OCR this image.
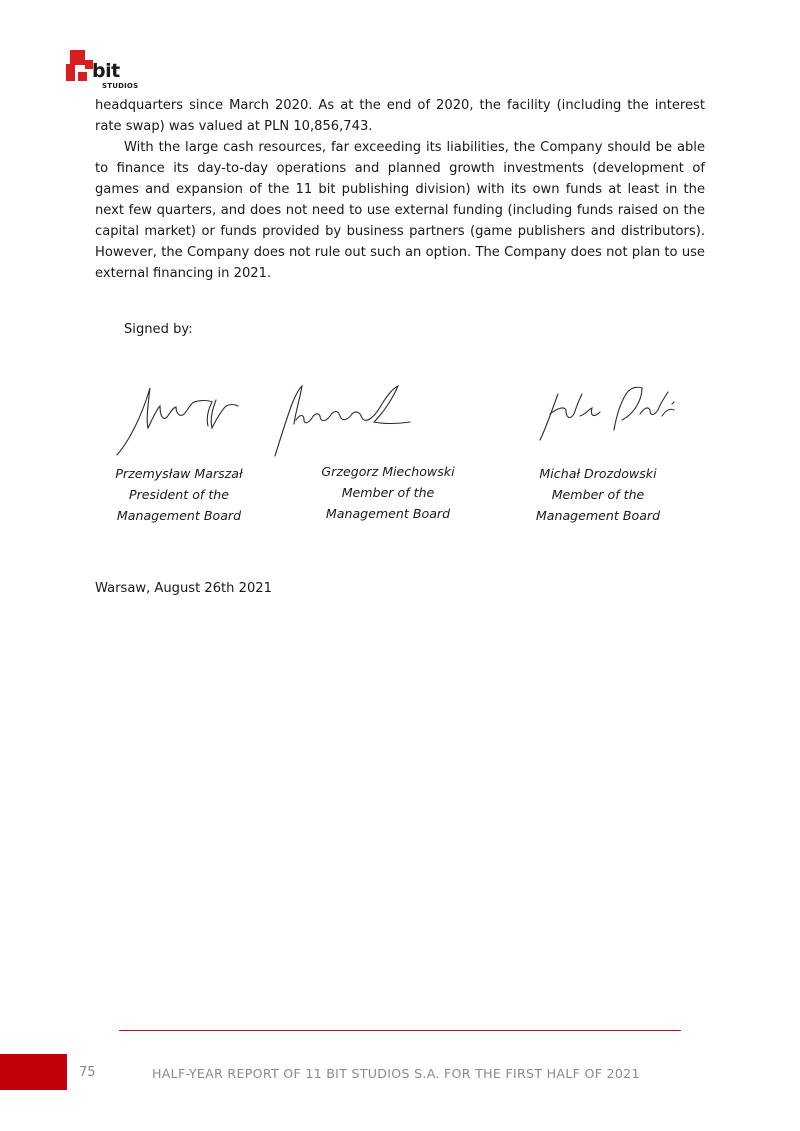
bit
STUDIOS

headquarters since March 2020. As at the end of 2020, the facility (including the interest rate swap) was valued at PLN 10,856,743.

With the large cash resources, far exceeding its liabilities, the Company should be able to finance its day-to-day operations and planned growth investments (development of games and expansion of the 11 bit publishing division) with its own funds at least in the next few quarters, and does not need to use external funding (including funds raised on the capital market) or funds provided by business partners (game publishers and distributors). However, the Company does not rule out such an option. The Company does not plan to use external financing in 2021.

Signed by:
Przemysław Marszał
President of the
Management Board
Grzegorz Miechowski
Member of the
Management Board
Michał Drozdowski
Member of the
Management Board
Warsaw, August 26th 2021
75	HALF-YEAR REPORT OF 11 BIT STUDIOS S.A. FOR THE FIRST HALF OF 2021
